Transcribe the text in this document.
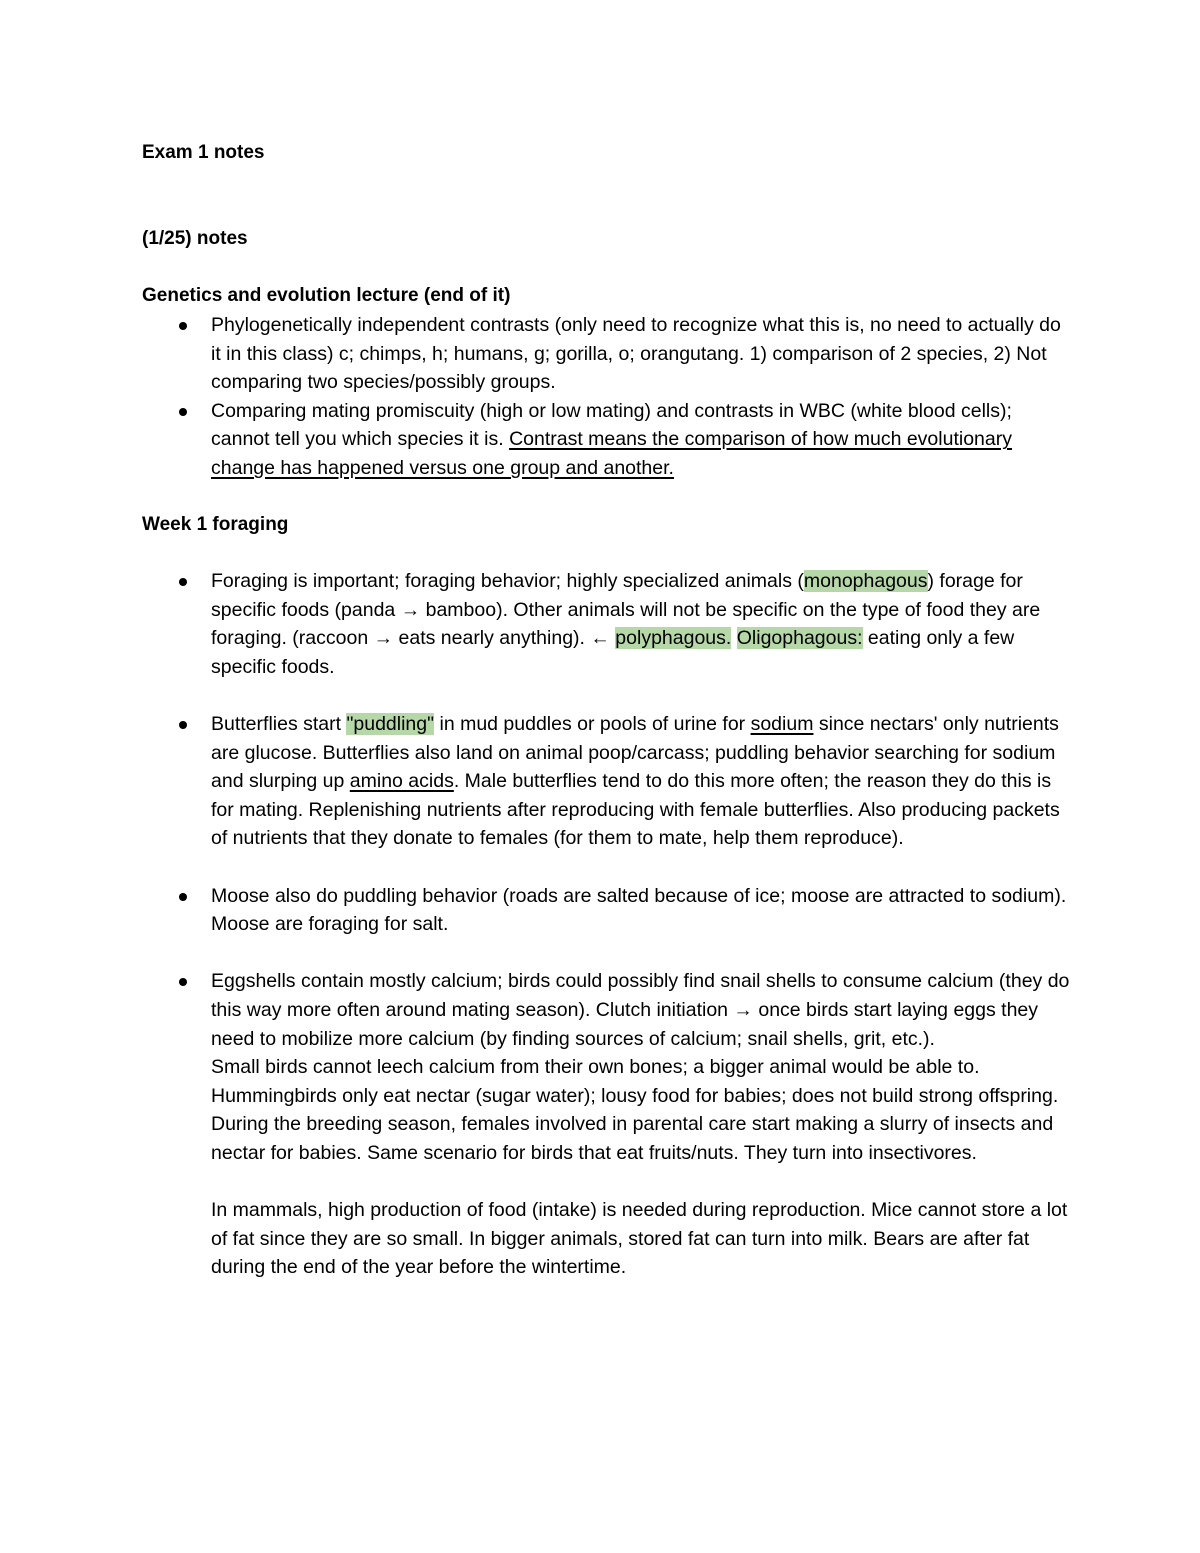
Exam 1 notes
(1/25) notes
Genetics and evolution lecture (end of it)
Phylogenetically independent contrasts (only need to recognize what this is, no need to actually do it in this class) c; chimps, h; humans, g; gorilla, o; orangutang. 1) comparison of 2 species, 2) Not comparing two species/possibly groups.
Comparing mating promiscuity (high or low mating) and contrasts in WBC (white blood cells); cannot tell you which species it is. Contrast means the comparison of how much evolutionary change has happened versus one group and another.
Week 1 foraging
Foraging is important; foraging behavior; highly specialized animals (monophagous) forage for specific foods (panda → bamboo). Other animals will not be specific on the type of food they are foraging. (raccoon → eats nearly anything). ← polyphagous. Oligophagous: eating only a few specific foods.
Butterflies start "puddling" in mud puddles or pools of urine for sodium since nectars' only nutrients are glucose. Butterflies also land on animal poop/carcass; puddling behavior searching for sodium and slurping up amino acids. Male butterflies tend to do this more often; the reason they do this is for mating. Replenishing nutrients after reproducing with female butterflies. Also producing packets of nutrients that they donate to females (for them to mate, help them reproduce).
Moose also do puddling behavior (roads are salted because of ice; moose are attracted to sodium). Moose are foraging for salt.

Eggshells contain mostly calcium; birds could possibly find snail shells to consume calcium (they do this way more often around mating season). Clutch initiation → once birds start laying eggs they need to mobilize more calcium (by finding sources of calcium; snail shells, grit, etc.).

Small birds cannot leech calcium from their own bones; a bigger animal would be able to. Hummingbirds only eat nectar (sugar water); lousy food for babies; does not build strong offspring. During the breeding season, females involved in parental care start making a slurry of insects and nectar for babies. Same scenario for birds that eat fruits/nuts. They turn into insectivores.

In mammals, high production of food (intake) is needed during reproduction. Mice cannot store a lot of fat since they are so small. In bigger animals, stored fat can turn into milk. Bears are after fat during the end of the year before the wintertime.
